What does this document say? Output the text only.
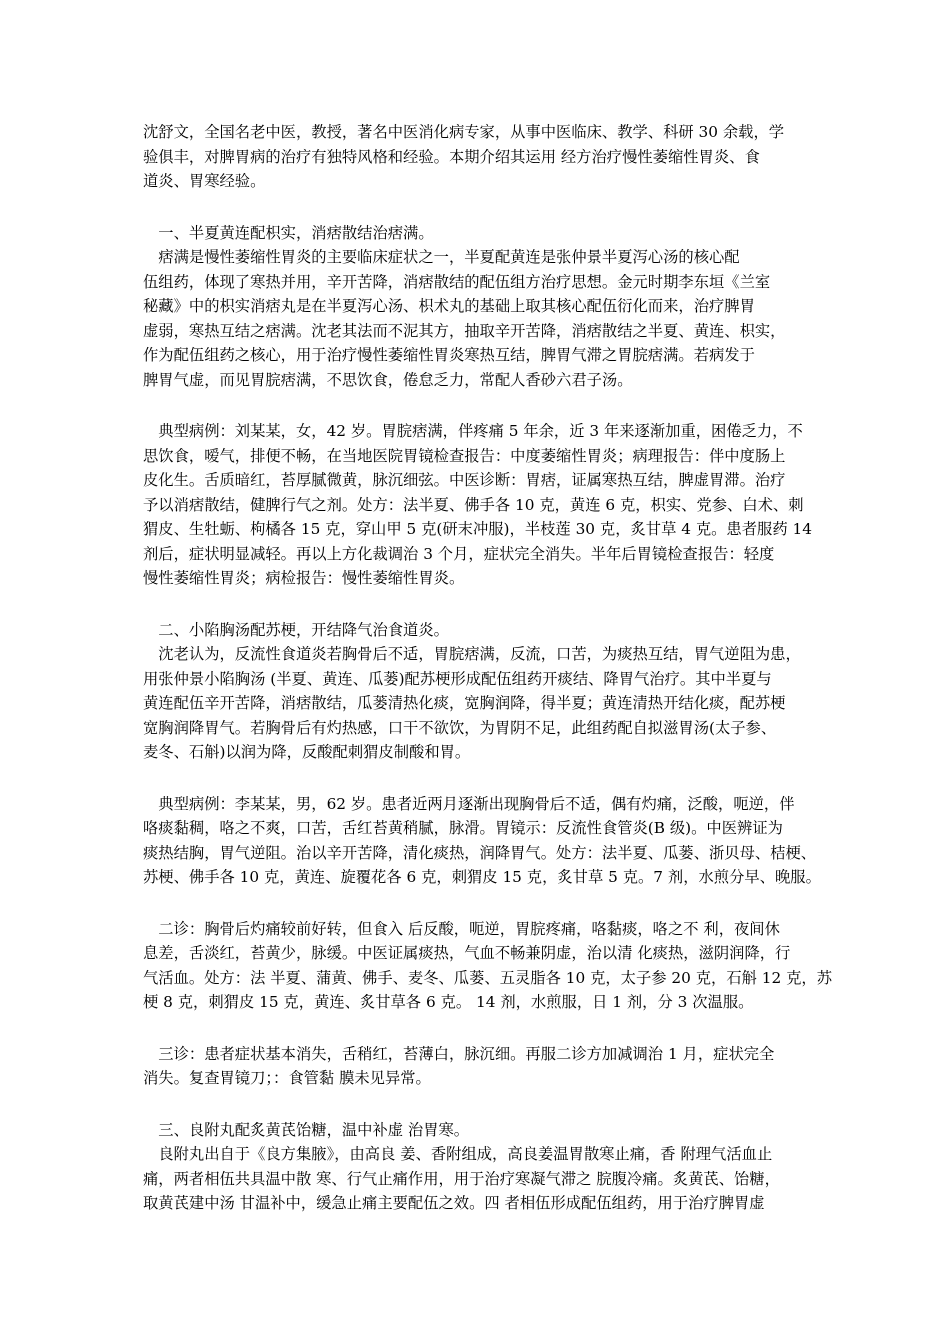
沈舒文，全国名老中医，教授，著名中医消化病专家，从事中医临床、教学、科研 30 余载，学
验俱丰，对脾胃病的治疗有独特风格和经验。本期介绍其运用 经方治疗慢性萎缩性胃炎、食
道炎、胃寒经验。
　一、半夏黄连配枳实，消痞散结治痞满。
　痞满是慢性萎缩性胃炎的主要临床症状之一，半夏配黄连是张仲景半夏泻心汤的核心配
伍组药，体现了寒热并用，辛开苦降，消痞散结的配伍组方治疗思想。金元时期李东垣《兰室
秘藏》中的枳实消痞丸是在半夏泻心汤、枳术丸的基础上取其核心配伍衍化而来，治疗脾胃
虚弱，寒热互结之痞满。沈老其法而不泥其方，抽取辛开苦降，消痞散结之半夏、黄连、枳实，
作为配伍组药之核心，用于治疗慢性萎缩性胃炎寒热互结，脾胃气滞之胃脘痞满。若病发于
脾胃气虚，而见胃脘痞满，不思饮食，倦怠乏力，常配人香砂六君子汤。
　典型病例：刘某某，女，42 岁。胃脘痞满，伴疼痛 5 年余，近 3 年来逐渐加重，困倦乏力，不
思饮食，嗳气，排便不畅，在当地医院胃镜检查报告：中度萎缩性胃炎；病理报告：伴中度肠上
皮化生。舌质暗红，苔厚腻微黄，脉沉细弦。中医诊断：胃痞，证属寒热互结，脾虚胃滞。治疗
予以消痞散结，健脾行气之剂。处方：法半夏、佛手各 10 克，黄连 6 克，枳实、党参、白术、刺
猬皮、生牡蛎、枸橘各 15 克，穿山甲 5 克(研末冲服)，半枝莲 30 克，炙甘草 4 克。患者服药 14
剂后，症状明显减轻。再以上方化裁调治 3 个月，症状完全消失。半年后胃镜检查报告：轻度
慢性萎缩性胃炎；病检报告：慢性萎缩性胃炎。
　二、小陷胸汤配苏梗，开结降气治食道炎。
　沈老认为，反流性食道炎若胸骨后不适，胃脘痞满，反流，口苦，为痰热互结，胃气逆阻为患，
用张仲景小陷胸汤 (半夏、黄连、瓜蒌)配苏梗形成配伍组药开痰结、降胃气治疗。其中半夏与
黄连配伍辛开苦降，消痞散结，瓜蒌清热化痰，宽胸润降，得半夏；黄连清热开结化痰，配苏梗
宽胸润降胃气。若胸骨后有灼热感，口干不欲饮，为胃阴不足，此组药配自拟滋胃汤(太子参、
麦冬、石斛)以润为降，反酸配刺猬皮制酸和胃。
　典型病例：李某某，男，62 岁。患者近两月逐渐出现胸骨后不适，偶有灼痛，泛酸，呃逆，伴
咯痰黏稠，咯之不爽，口苦，舌红苔黄稍腻，脉滑。胃镜示：反流性食管炎(B 级)。中医辨证为
痰热结胸，胃气逆阻。治以辛开苦降，清化痰热，润降胃气。处方：法半夏、瓜蒌、浙贝母、桔梗、
苏梗、佛手各 10 克，黄连、旋覆花各 6 克，刺猬皮 15 克，炙甘草 5 克。7 剂，水煎分早、晚服。
　二诊：胸骨后灼痛较前好转，但食入 后反酸，呃逆，胃脘疼痛，咯黏痰，咯之不 利，夜间休
息差，舌淡红，苔黄少，脉缓。中医证属痰热，气血不畅兼阴虚，治以清 化痰热，滋阴润降，行
气活血。处方：法 半夏、蒲黄、佛手、麦冬、瓜蒌、五灵脂各 10 克，太子参 20 克，石斛 12 克，苏
梗 8 克，刺猬皮 15 克，黄连、炙甘草各 6 克。 14 剂，水煎服，日 1 剂，分 3 次温服。
　三诊：患者症状基本消失，舌稍红，苔薄白，脉沉细。再服二诊方加减调治 1 月，症状完全
消失。复查胃镜刀；：食管黏 膜未见异常。
　三、良附丸配炙黄芪饴糖，温中补虚 治胃寒。
　良附丸出自于《良方集腋》，由高良 姜、香附组成，高良姜温胃散寒止痛，香 附理气活血止
痛，两者相伍共具温中散 寒、行气止痛作用，用于治疗寒凝气滞之 脘腹冷痛。炙黄芪、饴糖，
取黄芪建中汤 甘温补中，缓急止痛主要配伍之效。四 者相伍形成配伍组药，用于治疗脾胃虚
